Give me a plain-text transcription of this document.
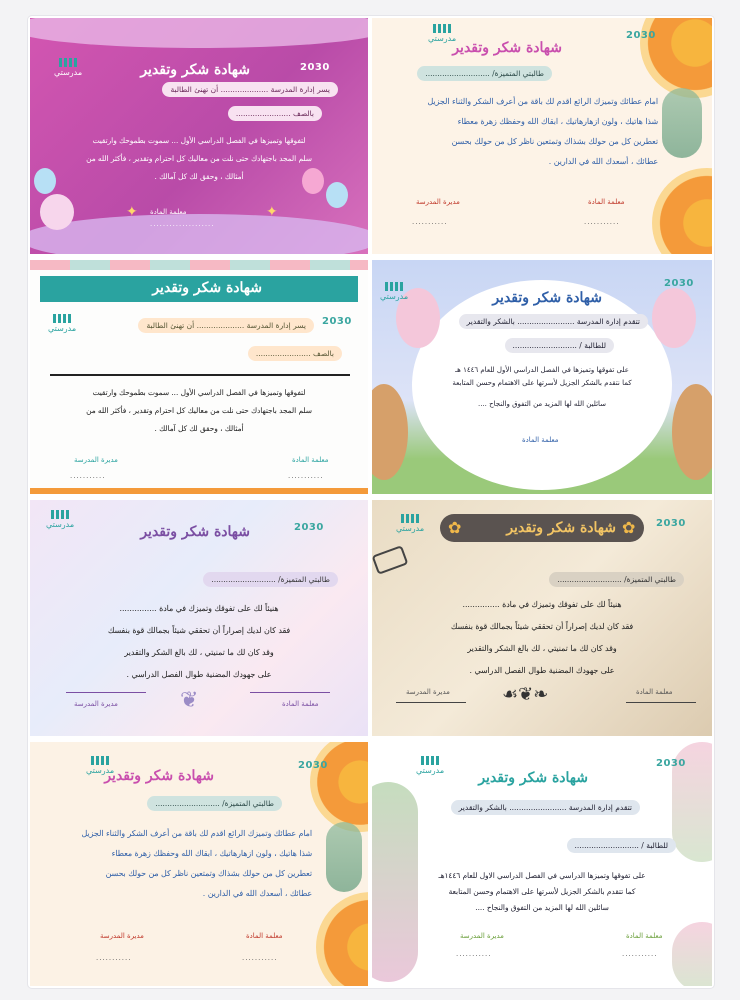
✦	✦
شهادة شكر وتقدير
مدرستي	2030
يسر إدارة المدرسة .................... أن تهنئ الطالبة
بالصف .......................
لتفوقها وتميزها في الفصل الدراسي الأول ... سموت بطموحك وارتقيت
سلم المجد باجتهادك حتى نلت من معاليك كل احترام وتقدير ، فأكثر الله من
أمثالك ، وحقق لك كل آمالك .
معلمة المادة
....................
شهادة شكر وتقدير
مدرستي	2030
طالبتي المتميزة/ ...........................
امام عطائك وتميزك الرائع اقدم لك باقة من أعرف الشكر والثناء الجزيل
شذا هاتيك ، ولون ازهارهاتيك ، ابقاك الله وحفظك زهرة معطاء
تعطرين كل من حولك بشذاك وتمتعين ناظر كل من حولك بحسن
عطائك ، أسعدك الله في الدارين .
مديرة المدرسة
...........
معلمة المادة
...........
شهادة شكر وتقدير
مدرستي
2030
يسر إدارة المدرسة .................... أن تهنئ الطالبة
بالصف .......................
لتفوقها وتميزها في الفصل الدراسي الأول ... سموت بطموحك وارتقيت
سلم المجد باجتهادك حتى نلت من معاليك كل احترام وتقدير ، فأكثر الله من
أمثالك ، وحقق لك كل آمالك .
مديرة المدرسة	معلمة المادة
...........	...........
شهادة شكر وتقدير
مدرستي
2030
تتقدم إدارة المدرسة ........................ بالشكر والتقدير
للطالبة / ...........................
على تفوقها وتميزها في الفصل الدراسي الأول للعام ١٤٤٦ هـ
كما نتقدم بالشكر الجزيل لأسرتها على الاهتمام وحسن المتابعة
سائلين الله لها المزيد من التفوق والنجاح ....
معلمة المادة
شهادة شكر وتقدير
مدرستي	2030
طالبتي المتميزة/ ...........................
هنيئاً لك على تفوقك وتميزك في مادة ...............
فقد كان لديك إصراراً أن تحققي شيئاً بجمالك قوة بنفسك
وقد كان لك ما تمنيتي ، لك بالغ الشكر والتقدير
على جهودك المضنية طوال الفصل الدراسي .
مديرة المدرسة	معلمة المادة
❦
✿	✿
شهادة شكر وتقدير
مدرستي	2030
طالبتي المتميزة/ ...........................
هنيئاً لك على تفوقك وتميزك في مادة ...............
فقد كان لديك إصراراً أن تحققي شيئاً بجمالك قوة بنفسك
وقد كان لك ما تمنيتي ، لك بالغ الشكر والتقدير
على جهودك المضنية طوال الفصل الدراسي .
مديرة المدرسة	معلمة المادة
❧❦☙
شهادة شكر وتقدير
مدرستي	2030
طالبتي المتميزة/ ...........................
امام عطائك وتميزك الرائع اقدم لك باقة من أعرف الشكر والثناء الجزيل
شذا هاتيك ، ولون ازهارهاتيك ، ابقاك الله وحفظك زهرة معطاء
تعطرين كل من حولك بشذاك وتمتعين ناظر كل من حولك بحسن
عطائك ، أسعدك الله في الدارين .
مديرة المدرسة
...........
معلمة المادة
...........
شهادة شكر وتقدير
مدرستي
2030
تتقدم إدارة المدرسة ........................ بالشكر والتقدير
للطالبة / ...........................
على تفوقها وتميزها الدراسي في الفصل الدراسي الاول للعام ١٤٤٦هـ
كما تتقدم بالشكر الجزيل لأسرتها على الاهتمام وحسن المتابعة
سائلين الله لها المزيد من التفوق والنجاح ....
مديرة المدرسة	معلمة المادة
...........	...........
